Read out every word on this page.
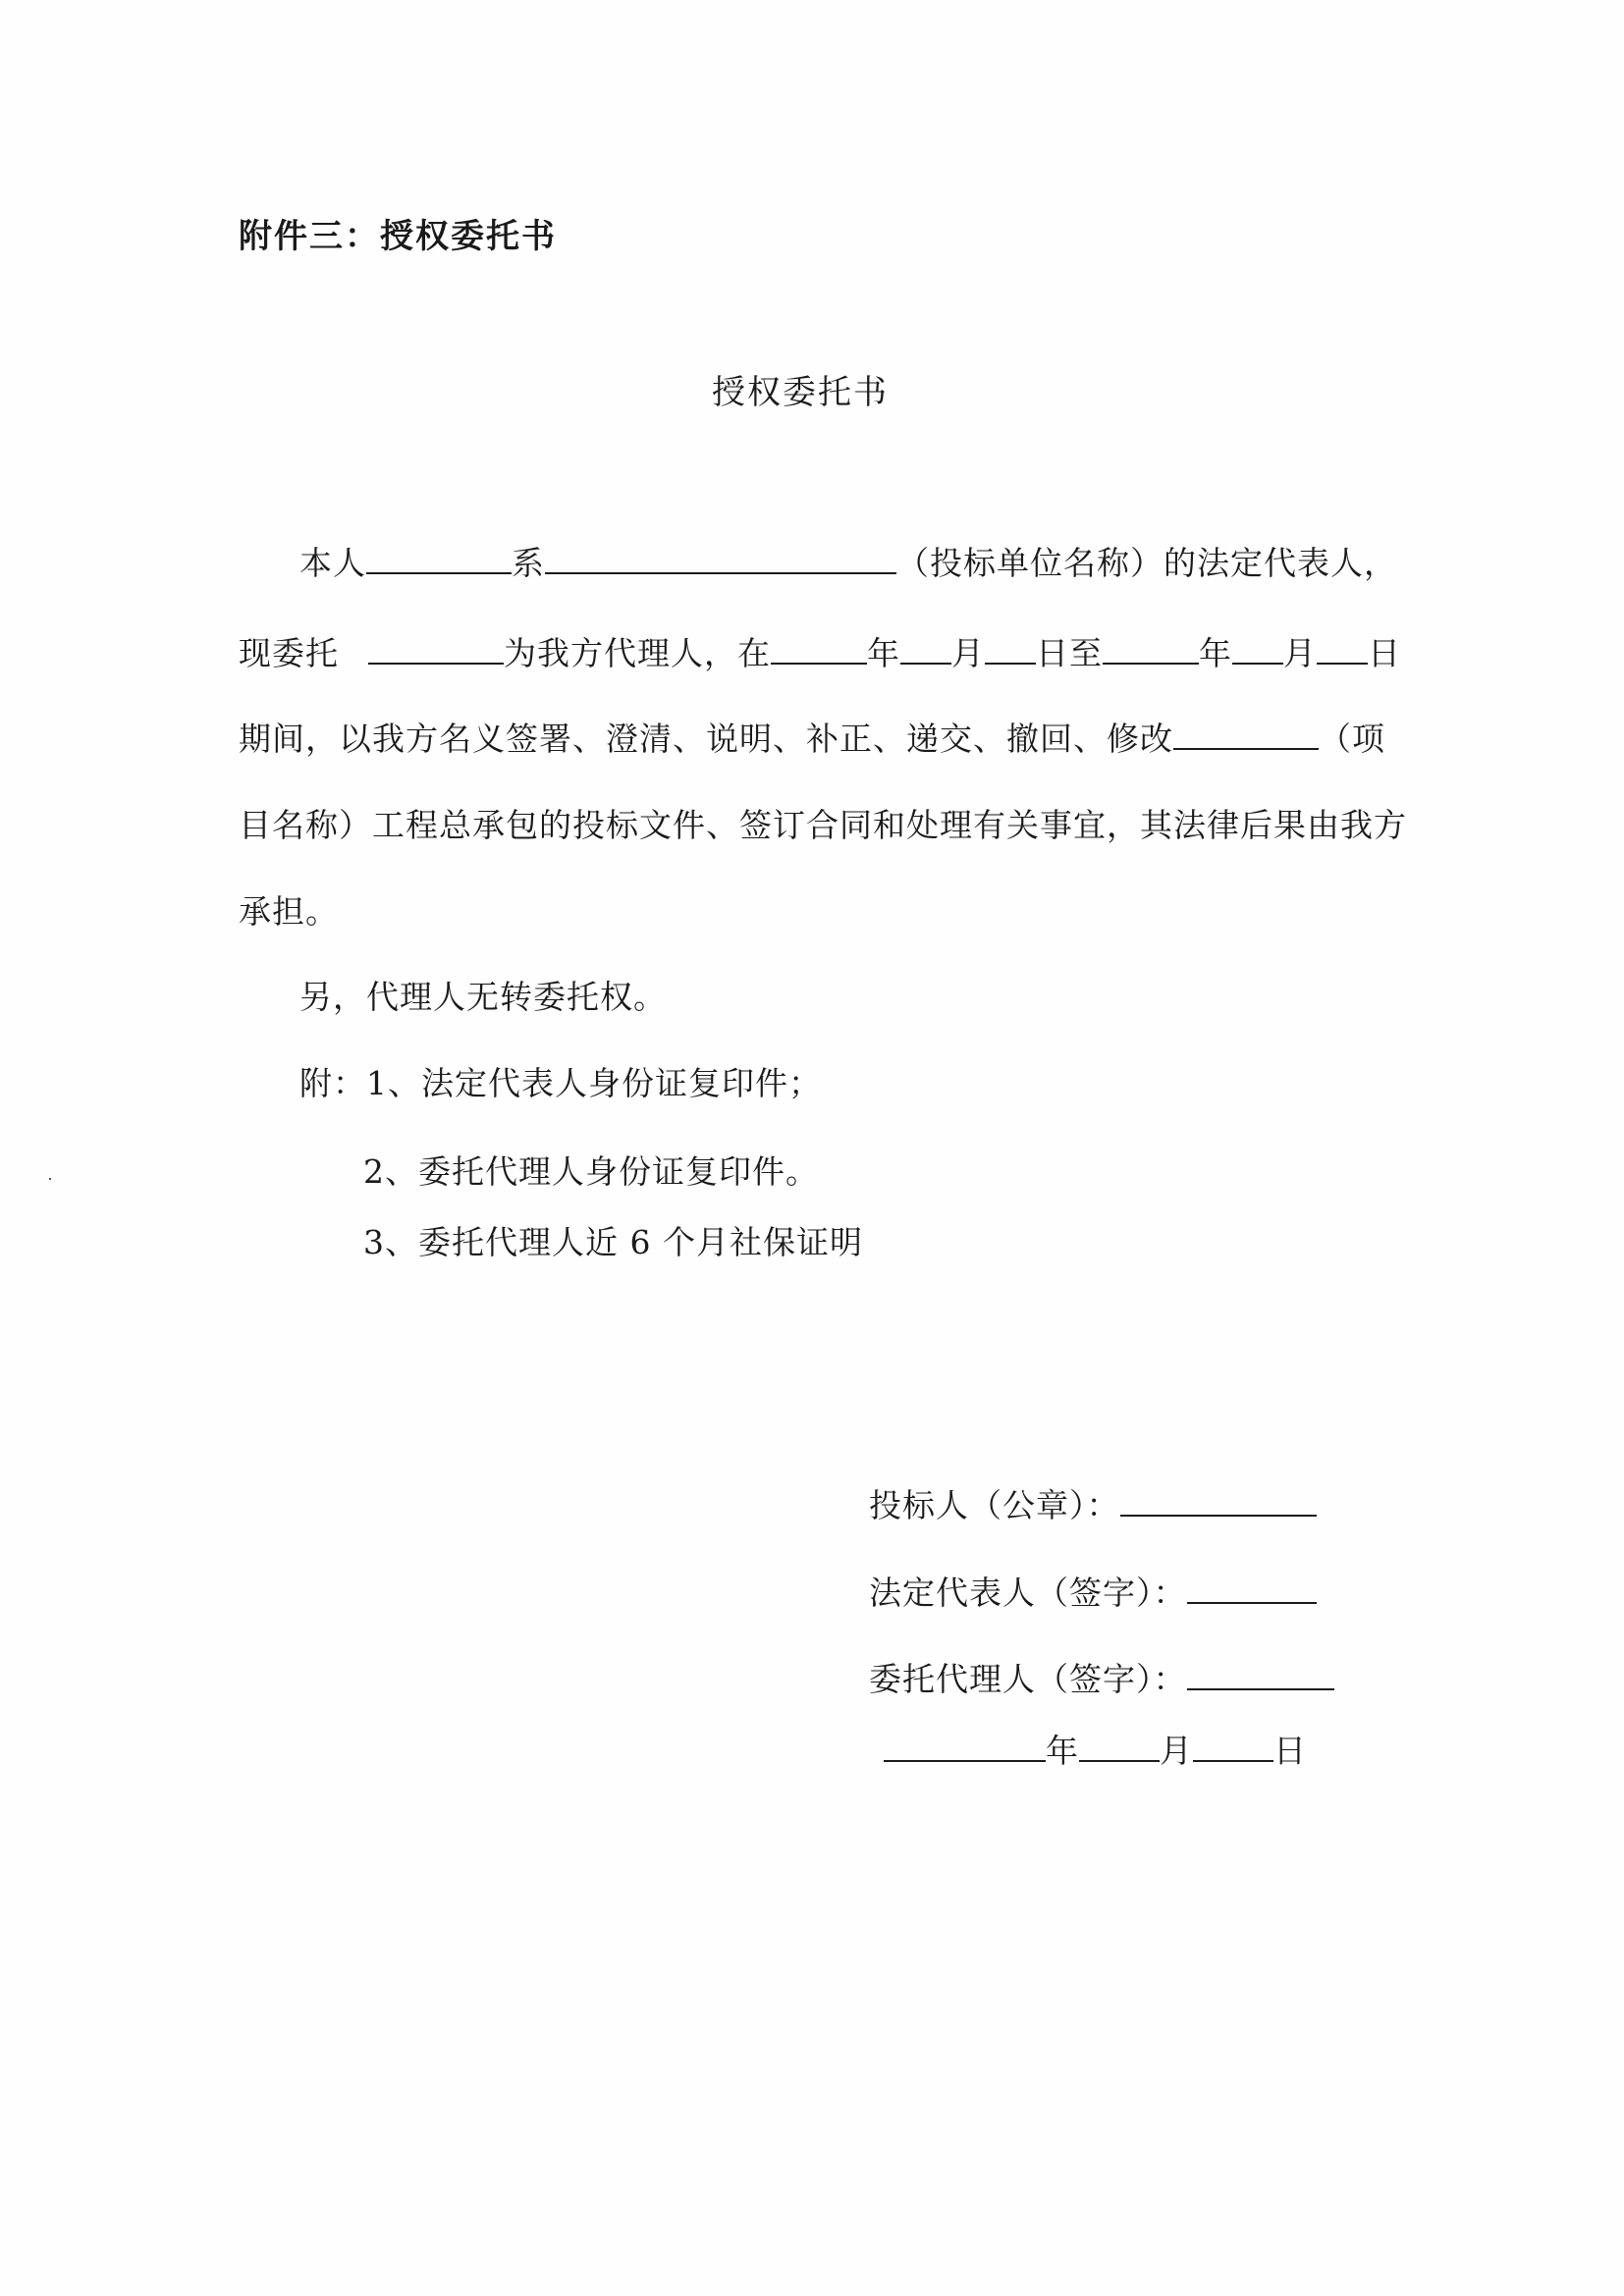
附件三：授权委托书
授权委托书
本人	系	（投标单位名称）的法定代表人，
现委托	为我方代理人，在	年 月 日至	年 月 日
期间，以我方名义签署、澄清、说明、补正、递交、撤回、修改	（项
目名称）工程总承包的投标文件、签订合同和处理有关事宜，其法律后果由我方
承担。
另，代理人无转委托权。
附：1、法定代表人身份证复印件；
2、委托代理人身份证复印件。
3、委托代理人近 6 个月社保证明
投标人（公章）：
法定代表人（签字）：
委托代理人（签字）：
年 月 日
